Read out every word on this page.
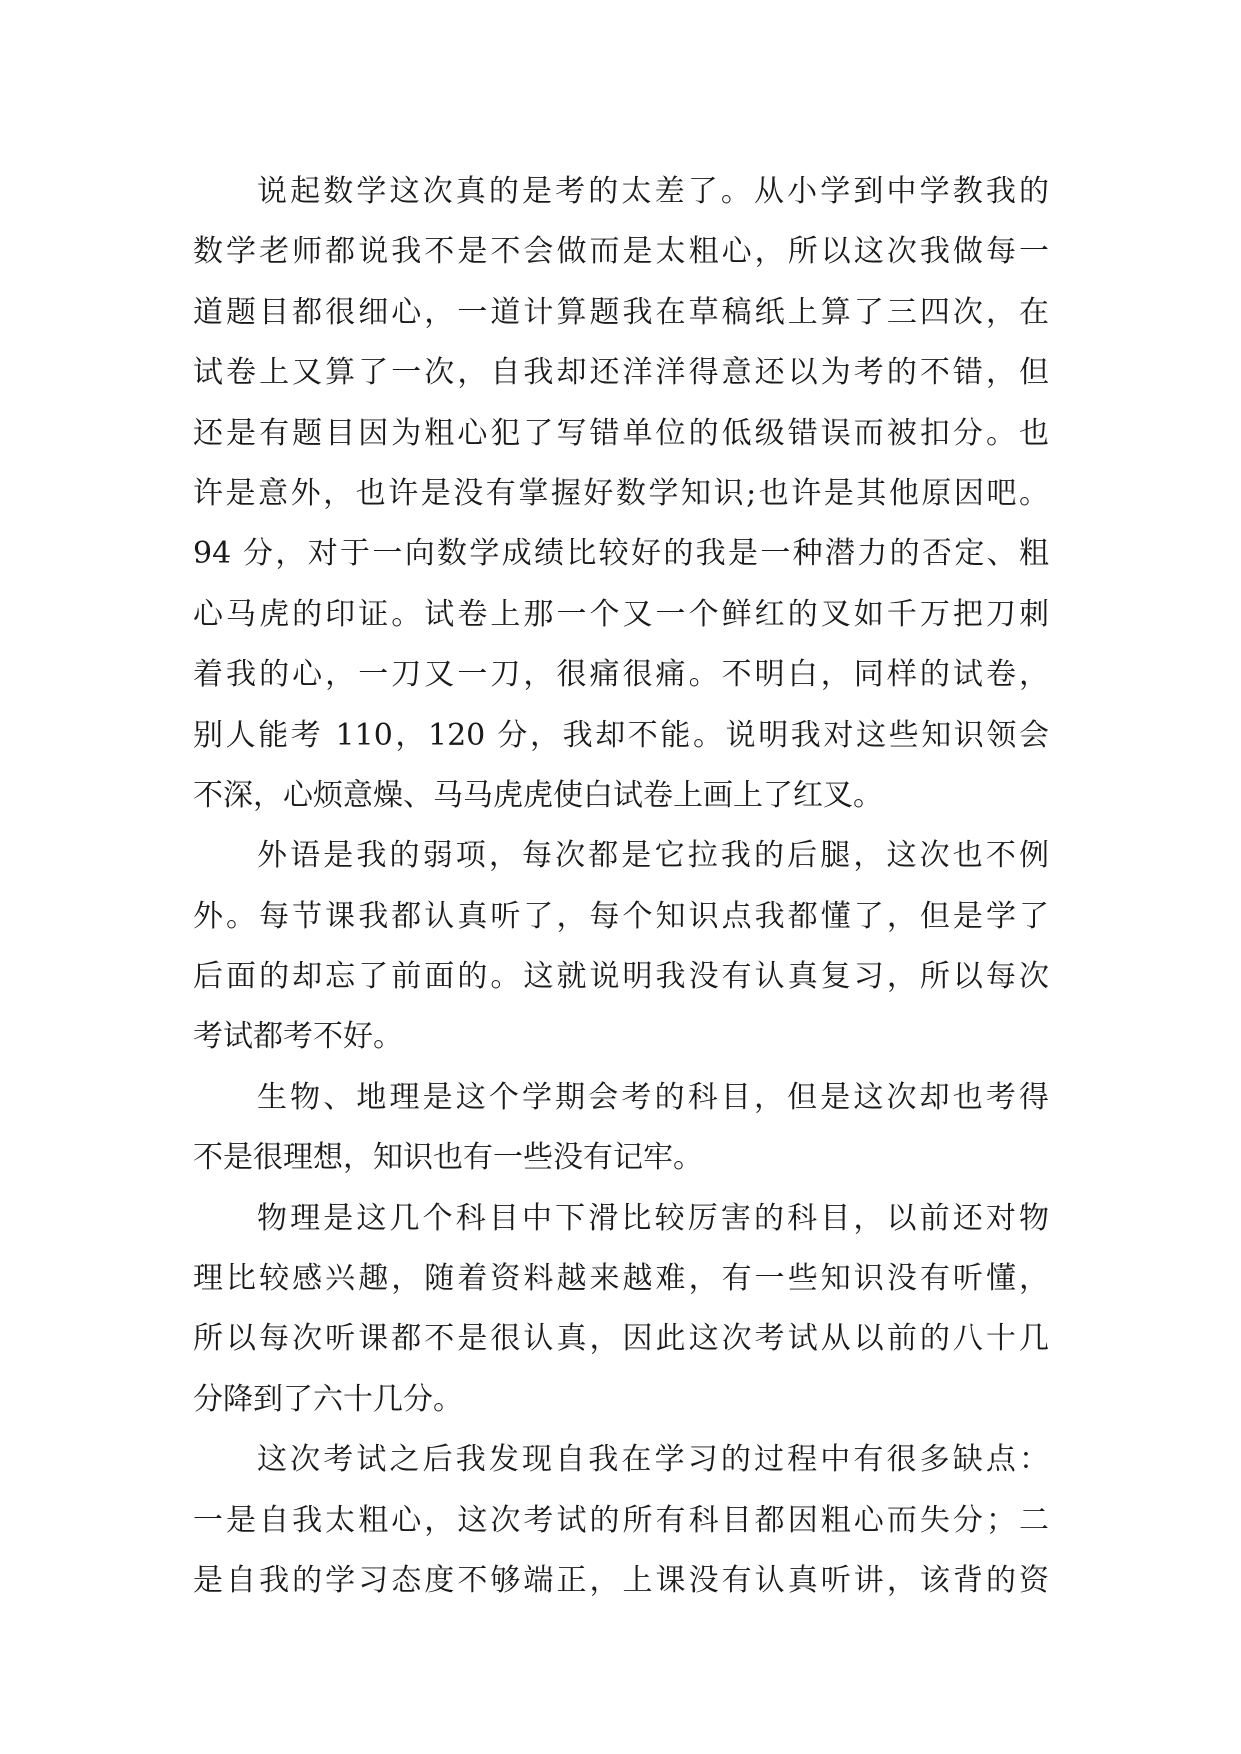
说起数学这次真的是考的太差了。从小学到中学教我的
数学老师都说我不是不会做而是太粗心，所以这次我做每一
道题目都很细心，一道计算题我在草稿纸上算了三四次，在
试卷上又算了一次，自我却还洋洋得意还以为考的不错，但
还是有题目因为粗心犯了写错单位的低级错误而被扣分。也
许是意外，也许是没有掌握好数学知识;也许是其他原因吧。
94 分，对于一向数学成绩比较好的我是一种潜力的否定、粗
心马虎的印证。试卷上那一个又一个鲜红的叉如千万把刀刺
着我的心，一刀又一刀，很痛很痛。不明白，同样的试卷，
别人能考 110，120 分，我却不能。说明我对这些知识领会
不深，心烦意燥、马马虎虎使白试卷上画上了红叉。
外语是我的弱项，每次都是它拉我的后腿，这次也不例
外。每节课我都认真听了，每个知识点我都懂了，但是学了
后面的却忘了前面的。这就说明我没有认真复习，所以每次
考试都考不好。
生物、地理是这个学期会考的科目，但是这次却也考得
不是很理想，知识也有一些没有记牢。
物理是这几个科目中下滑比较厉害的科目，以前还对物
理比较感兴趣，随着资料越来越难，有一些知识没有听懂，
所以每次听课都不是很认真，因此这次考试从以前的八十几
分降到了六十几分。
这次考试之后我发现自我在学习的过程中有很多缺点：
一是自我太粗心，这次考试的所有科目都因粗心而失分；二
是自我的学习态度不够端正，上课没有认真听讲，该背的资
